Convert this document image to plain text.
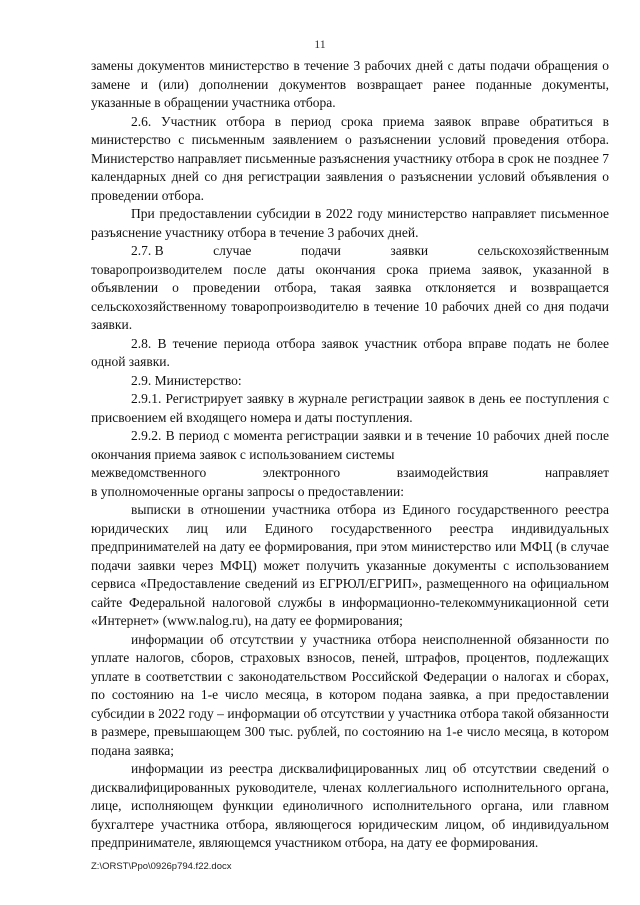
11

замены документов министерство в течение 3 рабочих дней с даты подачи обращения о замене и (или) дополнении документов возвращает ранее поданные документы, указанные в обращении участника отбора.

2.6. Участник отбора в период срока приема заявок вправе обратиться в министерство с письменным заявлением о разъяснении условий проведения отбора. Министерство направляет письменные разъяснения участнику отбора в срок не позднее 7 календарных дней со дня регистрации заявления о разъяснении условий объявления о проведении отбора.

При предоставлении субсидии в 2022 году министерство направляет письменное разъяснение участнику отбора в течение 3 рабочих дней.

2.7. В	случае	подачи	заявки	сельскохозяйственным

товаропроизводителем после даты окончания срока приема заявок, указанной в объявлении о проведении отбора, такая заявка отклоняется и возвращается сельскохозяйственному товаропроизводителю в течение 10 рабочих дней со дня подачи заявки.

2.8. В течение периода отбора заявок участник отбора вправе подать не более одной заявки.

2.9. Министерство:

2.9.1. Регистрирует заявку в журнале регистрации заявок в день ее поступления с присвоением ей входящего номера и даты поступления.

2.9.2. В период с момента регистрации заявки и в течение 10 рабочих дней после окончания приема заявок с использованием системы

межведомственного	электронного	взаимодействия	направляет

в уполномоченные органы запросы о предоставлении:

выписки в отношении участника отбора из Единого государственного реестра юридических лиц или Единого государственного реестра индивидуальных предпринимателей на дату ее формирования, при этом министерство или МФЦ (в случае подачи заявки через МФЦ) может получить указанные документы с использованием сервиса «Предоставление сведений из ЕГРЮЛ/ЕГРИП», размещенного на официальном сайте Федеральной налоговой службы в информационно-телекоммуникационной сети «Интернет» (www.nalog.ru), на дату ее формирования;

информации об отсутствии у участника отбора неисполненной обязанности по уплате налогов, сборов, страховых взносов, пеней, штрафов, процентов, подлежащих уплате в соответствии с законодательством Российской Федерации о налогах и сборах, по состоянию на 1-е число месяца, в котором подана заявка, а при предоставлении субсидии в 2022 году – информации об отсутствии у участника отбора такой обязанности в размере, превышающем 300 тыс. рублей, по состоянию на 1-е число месяца, в котором подана заявка;

информации из реестра дисквалифицированных лиц об отсутствии сведений о дисквалифицированных руководителе, членах коллегиального исполнительного органа, лице, исполняющем функции единоличного исполнительного органа, или главном бухгалтере участника отбора, являющегося юридическим лицом, об индивидуальном предпринимателе, являющемся участником отбора, на дату ее формирования.

Z:\ORST\Ppo\0926p794.f22.docx
